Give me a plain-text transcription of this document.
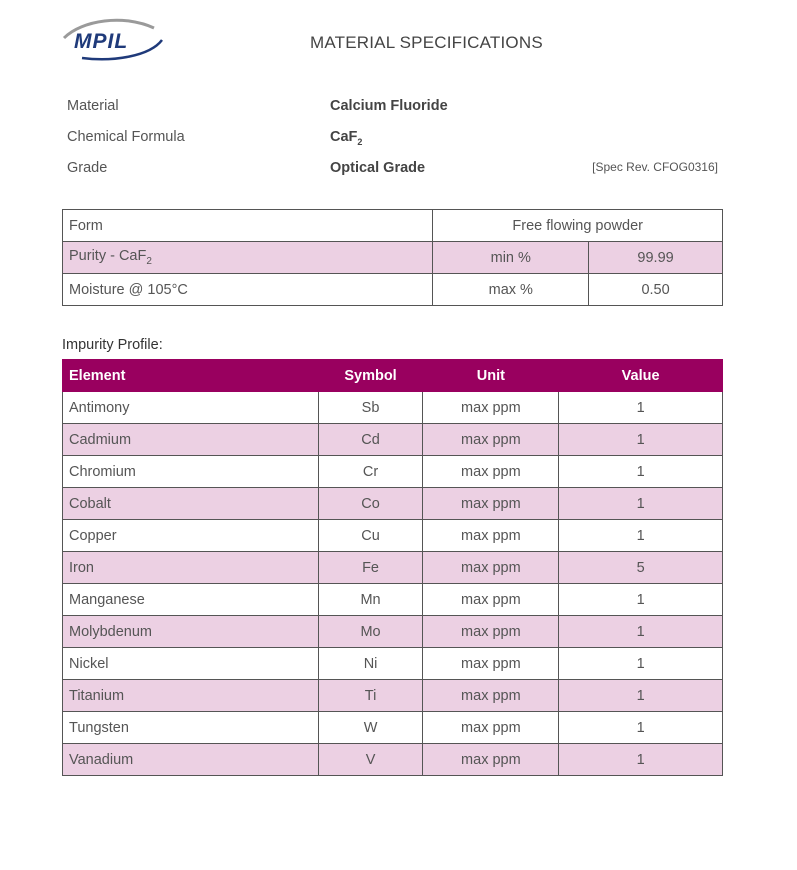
MPIL	MATERIAL SPECIFICATIONS
Material	Calcium Fluoride
Chemical Formula	CaF$_2$
Grade	Optical Grade	[Spec Rev. CFOG0316]
Form	Free flowing powder	
Purity - CaF$_2$	min %	99.99
Moisture @ 105°C	max %	0.50
Impurity Profile:
Element	Symbol	Unit	Value
Antimony	Sb	max ppm	1
Cadmium	Cd	max ppm	1
Chromium	Cr	max ppm	1
Cobalt	Co	max ppm	1
Copper	Cu	max ppm	1
Iron	Fe	max ppm	5
Manganese	Mn	max ppm	1
Molybdenum	Mo	max ppm	1
Nickel	Ni	max ppm	1
Titanium	Ti	max ppm	1
Tungsten	W	max ppm	1
Vanadium	V	max ppm	1
